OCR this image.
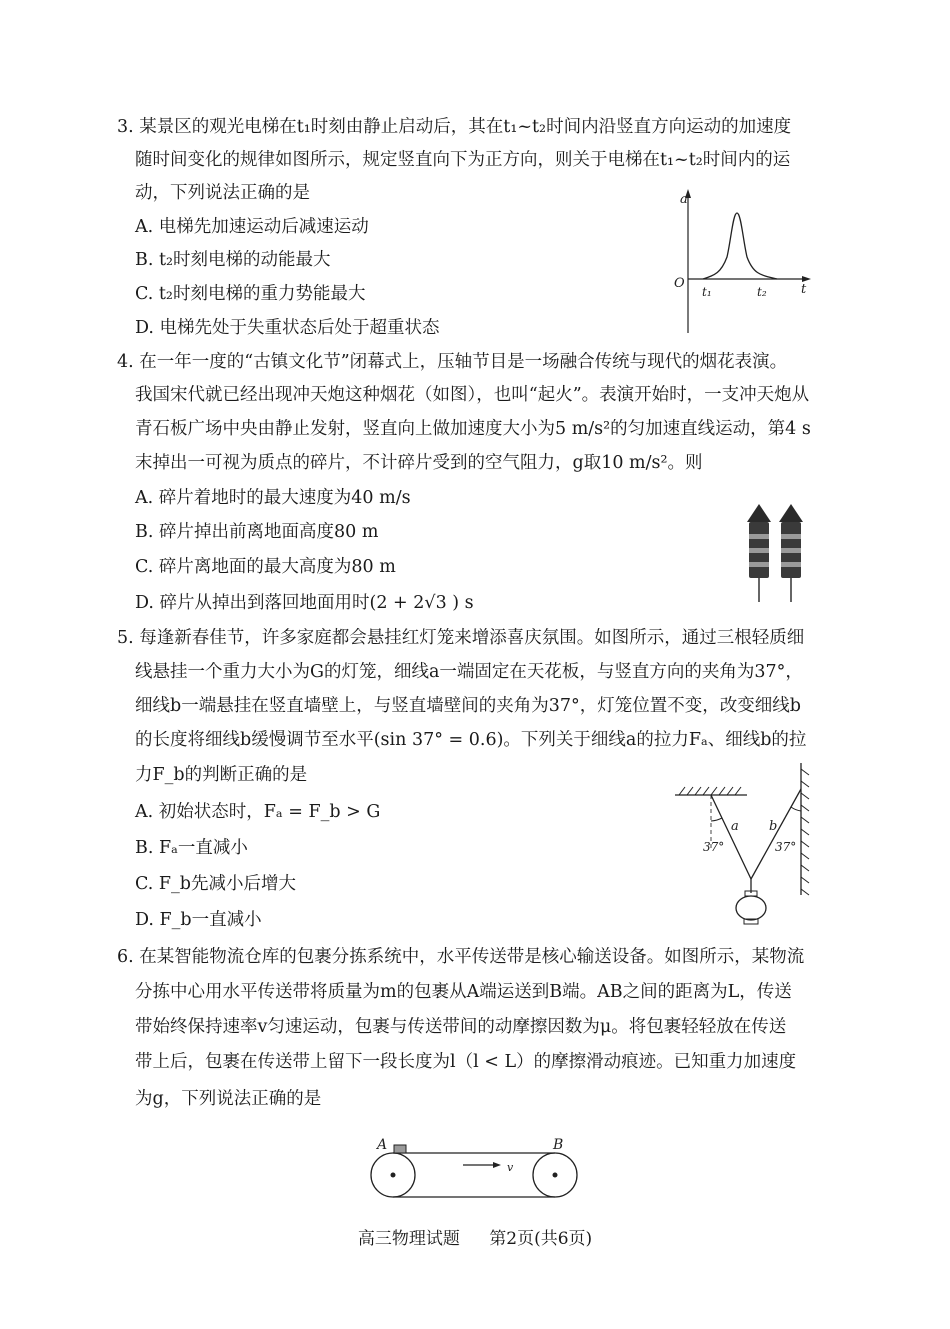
3. 某景区的观光电梯在t₁时刻由静止启动后，其在t₁~t₂时间内沿竖直方向运动的加速度
随时间变化的规律如图所示，规定竖直向下为正方向，则关于电梯在t₁~t₂时间内的运
动，下列说法正确的是
A. 电梯先加速运动后减速运动
B. t₂时刻电梯的动能最大
C. t₂时刻电梯的重力势能最大
D. 电梯先处于失重状态后处于超重状态
a
O	t
t₁	t₂
4. 在一年一度的“古镇文化节”闭幕式上，压轴节目是一场融合传统与现代的烟花表演。
我国宋代就已经出现冲天炮这种烟花（如图），也叫“起火”。表演开始时，一支冲天炮从
青石板广场中央由静止发射，竖直向上做加速度大小为5 m/s²的匀加速直线运动，第4 s
末掉出一可视为质点的碎片，不计碎片受到的空气阻力，g取10 m/s²。则
A. 碎片着地时的最大速度为40 m/s
B. 碎片掉出前离地面高度80 m
C. 碎片离地面的最大高度为80 m
D. 碎片从掉出到落回地面用时(2 + 2√3 ) s
5. 每逢新春佳节，许多家庭都会悬挂红灯笼来增添喜庆氛围。如图所示，通过三根轻质细
线悬挂一个重力大小为G的灯笼，细线a一端固定在天花板，与竖直方向的夹角为37°，
细线b一端悬挂在竖直墙壁上，与竖直墙壁间的夹角为37°，灯笼位置不变，改变细线b
的长度将细线b缓慢调节至水平(sin 37° = 0.6)。下列关于细线a的拉力Fₐ、细线b的拉
力F_b的判断正确的是
A. 初始状态时，Fₐ = F_b > G
B. Fₐ一直减小
C. F_b先减小后增大
D. F_b一直减小
a b
37°	37°
6. 在某智能物流仓库的包裹分拣系统中，水平传送带是核心输送设备。如图所示，某物流
分拣中心用水平传送带将质量为m的包裹从A端运送到B端。AB之间的距离为L，传送
带始终保持速率v匀速运动，包裹与传送带间的动摩擦因数为μ。将包裹轻轻放在传送
带上后，包裹在传送带上留下一段长度为l（l < L）的摩擦滑动痕迹。已知重力加速度
为g，下列说法正确的是
A	B
v
高三物理试题 第2页(共6页)
